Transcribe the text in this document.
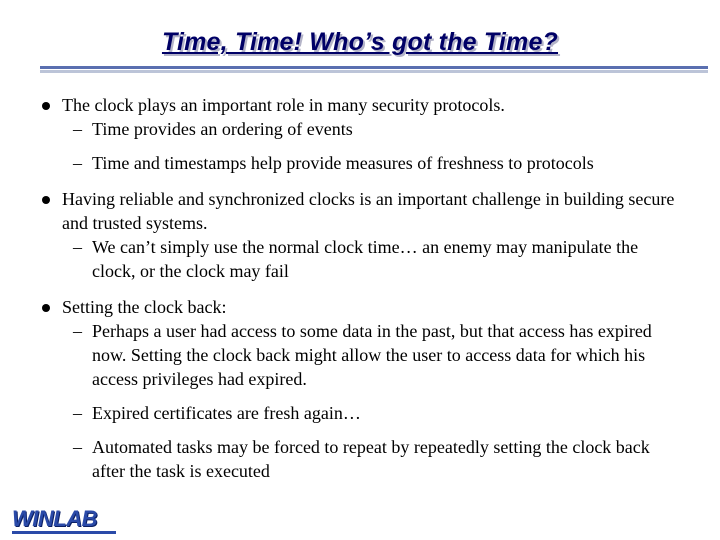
Time, Time! Who’s got the Time?
The clock plays an important role in many security protocols.
– Time provides an ordering of events
– Time and timestamps help provide measures of freshness to protocols
Having reliable and synchronized clocks is an important challenge in building secure and trusted systems.
– We can’t simply use the normal clock time… an enemy may manipulate the clock, or the clock may fail
Setting the clock back:
– Perhaps a user had access to some data in the past, but that access has expired now. Setting the clock back might allow the user to access data for which his access privileges had expired.
– Expired certificates are fresh again…
– Automated tasks may be forced to repeat by repeatedly setting the clock back after the task is executed
WINLAB
